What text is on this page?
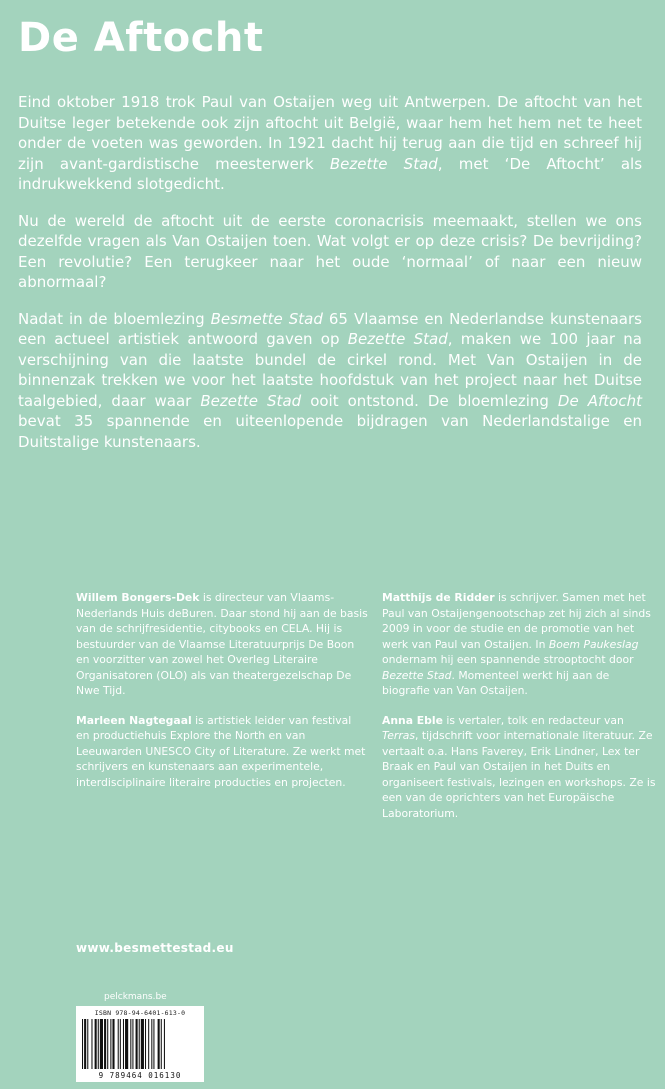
De Aftocht

Eind oktober 1918 trok Paul van Ostaijen weg uit Antwerpen. De aftocht van het Duitse leger betekende ook zijn aftocht uit België, waar hem het hem net te heet onder de voeten was geworden. In 1921 dacht hij terug aan die tijd en schreef hij zijn avant-gardistische meesterwerk Bezette Stad, met ‘De Aftocht’ als indrukwekkend slotgedicht.

Nu de wereld de aftocht uit de eerste coronacrisis meemaakt, stellen we ons dezelfde vragen als Van Ostaijen toen. Wat volgt er op deze crisis? De bevrijding? Een revolutie? Een terugkeer naar het oude ‘normaal’ of naar een nieuw abnormaal?

Nadat in de bloemlezing Besmette Stad 65 Vlaamse en Nederlandse kunstenaars een actueel artistiek antwoord gaven op Bezette Stad, maken we 100 jaar na verschijning van die laatste bundel de cirkel rond. Met Van Ostaijen in de binnenzak trekken we voor het laatste hoofdstuk van het project naar het Duitse taalgebied, daar waar Bezette Stad ooit ontstond. De bloemlezing De Aftocht bevat 35 spannende en uiteenlopende bijdragen van Nederlandstalige en Duitstalige kunstenaars.

Willem Bongers-Dek is directeur van Vlaams-Nederlands Huis deBuren. Daar stond hij aan de basis van de schrijfresidentie, citybooks en CELA. Hij is bestuurder van de Vlaamse Literatuurprijs De Boon en voorzitter van zowel het Overleg Literaire Organisatoren (OLO) als van theatergezelschap De Nwe Tijd.

Marleen Nagtegaal is artistiek leider van festival en productiehuis Explore the North en van Leeuwarden UNESCO City of Literature. Ze werkt met schrijvers en kunstenaars aan experimentele, interdisciplinaire literaire producties en projecten.

Matthijs de Ridder is schrijver. Samen met het Paul van Ostaijengenootschap zet hij zich al sinds 2009 in voor de studie en de promotie van het werk van Paul van Ostaijen. In Boem Paukeslag ondernam hij een spannende strooptocht door Bezette Stad. Momenteel werkt hij aan de biografie van Van Ostaijen.

Anna Eble is vertaler, tolk en redacteur van Terras, tijdschrift voor internationale literatuur. Ze vertaalt o.a. Hans Faverey, Erik Lindner, Lex ter Braak en Paul van Ostaijen in het Duits en organiseert festivals, lezingen en workshops. Ze is een van de oprichters van het Europäische Laboratorium.

www.besmettestad.eu
pelckmans.be
ISBN 978-94-6401-613-0
9 789464 016130
